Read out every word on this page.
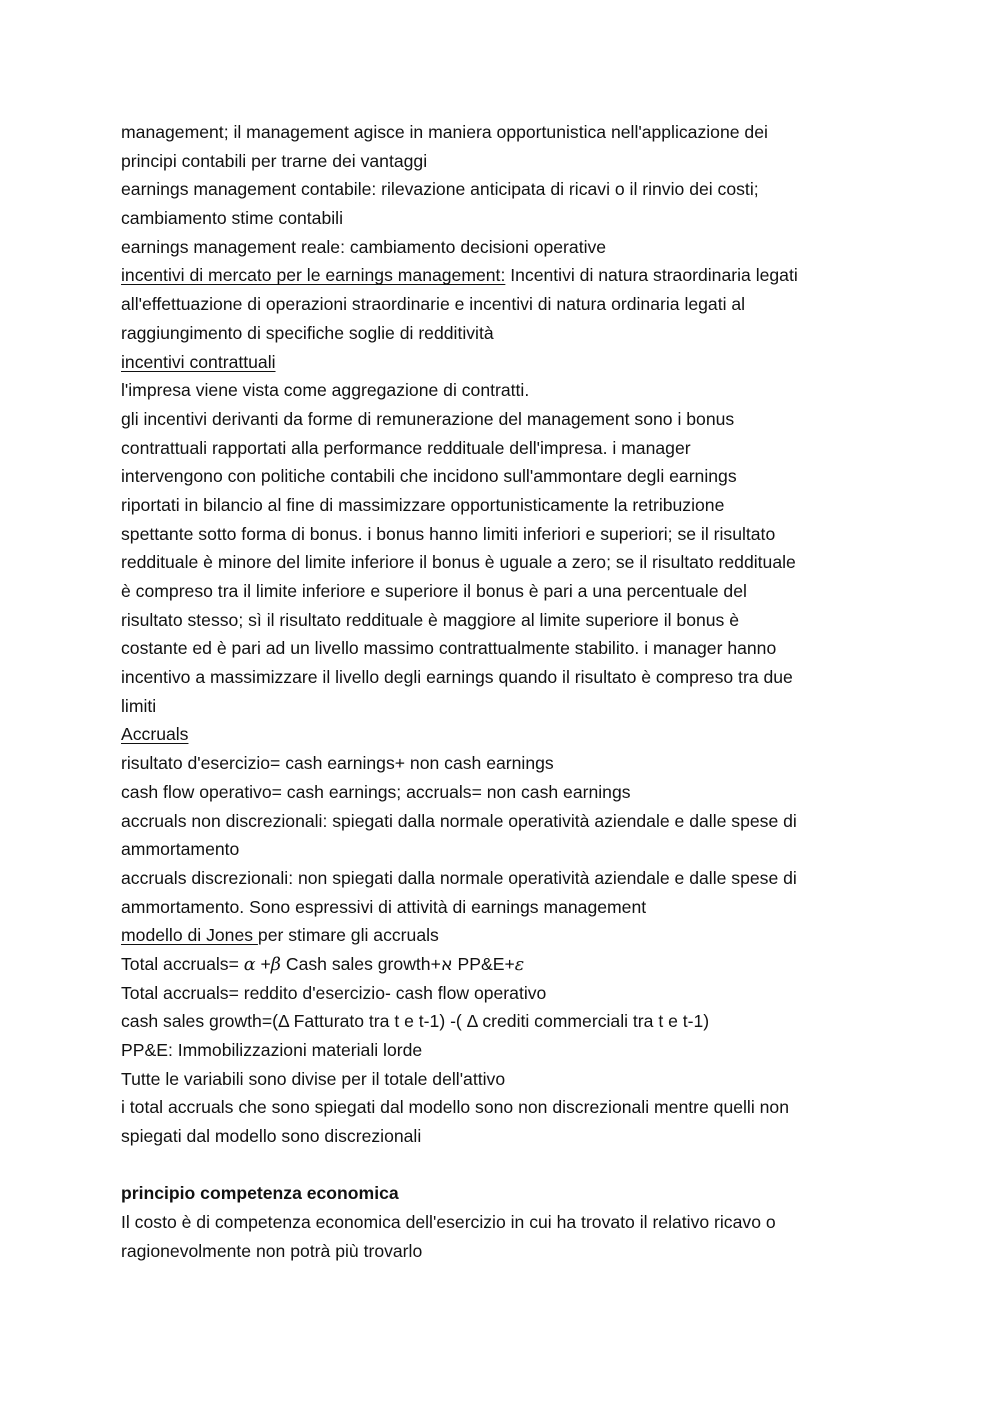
management; il management agisce in maniera opportunistica nell'applicazione dei
principi contabili per trarne dei vantaggi
earnings management contabile: rilevazione anticipata di ricavi o il rinvio dei costi;
cambiamento stime contabili
earnings management reale: cambiamento decisioni operative
incentivi di mercato per le earnings management: Incentivi di natura straordinaria legati
all'effettuazione di operazioni straordinarie e incentivi di natura ordinaria legati al
raggiungimento di specifiche soglie di redditività
incentivi contrattuali
l'impresa viene vista come aggregazione di contratti.
gli incentivi derivanti da forme di remunerazione del management sono i bonus
contrattuali rapportati alla performance reddituale dell'impresa. i manager
intervengono con politiche contabili che incidono sull'ammontare degli earnings
riportati in bilancio al fine di massimizzare opportunisticamente la retribuzione
spettante sotto forma di bonus. i bonus hanno limiti inferiori e superiori; se il risultato
reddituale è minore del limite inferiore il bonus è uguale a zero; se il risultato reddituale
è compreso tra il limite inferiore e superiore il bonus è pari a una percentuale del
risultato stesso; sì il risultato reddituale è maggiore al limite superiore il bonus è
costante ed è pari ad un livello massimo contrattualmente stabilito. i manager hanno
incentivo a massimizzare il livello degli earnings quando il risultato è compreso tra due
limiti
Accruals
risultato d'esercizio= cash earnings+ non cash earnings
cash flow operativo= cash earnings; accruals= non cash earnings
accruals non discrezionali: spiegati dalla normale operatività aziendale e dalle spese di
ammortamento
accruals discrezionali: non spiegati dalla normale operatività aziendale e dalle spese di
ammortamento. Sono espressivi di attività di earnings management
modello di Jones per stimare gli accruals
Total accruals= α +β Cash sales growth+א PP&E+ε
Total accruals= reddito d'esercizio- cash flow operativo
cash sales growth=(Δ Fatturato tra t e t-1) -( Δ crediti commerciali tra t e t-1)
PP&E: Immobilizzazioni materiali lorde
Tutte le variabili sono divise per il totale dell'attivo
i total accruals che sono spiegati dal modello sono non discrezionali mentre quelli non
spiegati dal modello sono discrezionali
principio competenza economica
Il costo è di competenza economica dell'esercizio in cui ha trovato il relativo ricavo o
ragionevolmente non potrà più trovarlo
